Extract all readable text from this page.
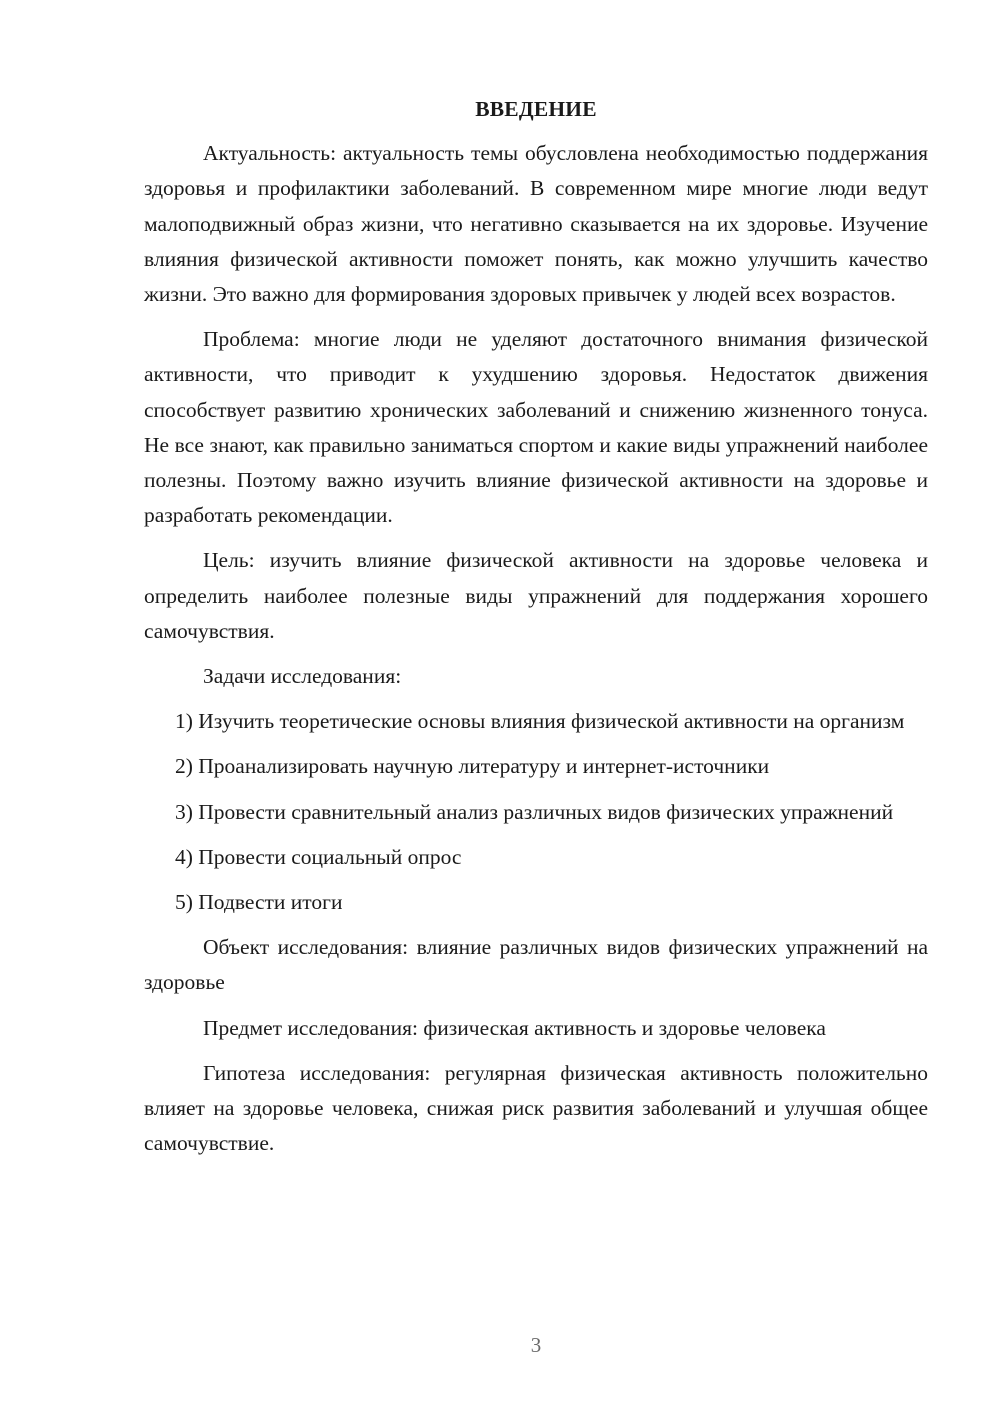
ВВЕДЕНИЕ

Актуальность: актуальность темы обусловлена необходимостью поддержания здоровья и профилактики заболеваний. В современном мире многие люди ведут малоподвижный образ жизни, что негативно сказывается на их здоровье. Изучение влияния физической активности поможет понять, как можно улучшить качество жизни. Это важно для формирования здоровых привычек у людей всех возрастов.

Проблема: многие люди не уделяют достаточного внимания физической активности, что приводит к ухудшению здоровья. Недостаток движения способствует развитию хронических заболеваний и снижению жизненного тонуса. Не все знают, как правильно заниматься спортом и какие виды упражнений наиболее полезны. Поэтому важно изучить влияние физической активности на здоровье и разработать рекомендации.

Цель: изучить влияние физической активности на здоровье человека и определить наиболее полезные виды упражнений для поддержания хорошего самочувствия.

Задачи исследования:

1) Изучить теоретические основы влияния физической активности на организм

2) Проанализировать научную литературу и интернет-источники

3) Провести сравнительный анализ различных видов физических упражнений

4) Провести социальный опрос

5) Подвести итоги

Объект исследования: влияние различных видов физических упражнений на здоровье

Предмет исследования: физическая активность и здоровье человека

Гипотеза исследования: регулярная физическая активность положительно влияет на здоровье человека, снижая риск развития заболеваний и улучшая общее самочувствие.

3
